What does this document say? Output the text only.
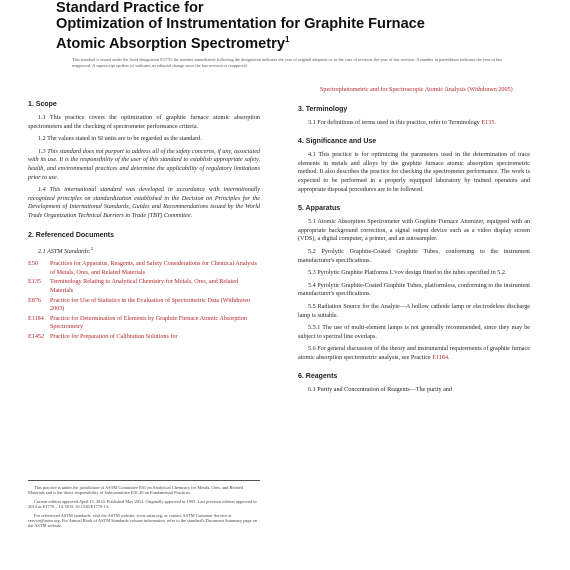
Standard Practice for
Optimization of Instrumentation for Graphite Furnace
Atomic Absorption Spectrometry$^1$
This standard is issued under the fixed designation E1770; the number immediately following the designation indicates the year of original adoption or, in the case of revision, the year of last revision. A number in parentheses indicates the year of last reapproval. A superscript epsilon (ε) indicates an editorial change since the last revision or reapproval.
1. Scope

1.1 This practice covers the optimization of graphite furnace atomic absorption spectrometers and the checking of spectrometer performance criteria.

1.2 The values stated in SI units are to be regarded as the standard.

1.3 This standard does not purport to address all of the safety concerns, if any, associated with its use. It is the responsibility of the user of this standard to establish appropriate safety, health, and environmental practices and determine the applicability of regulatory limitations prior to use.

1.4 This international standard was developed in accordance with internationally recognized principles on standardization established in the Decision on Principles for the Development of International Standards, Guides and Recommendations issued by the World Trade Organization Technical Barriers to Trade (TBT) Committee.

2. Referenced Documents

2.1 ASTM Standards:$^2$

E50	Practices for Apparatus, Reagents, and Safety Considerations for Chemical Analysis of Metals, Ores, and Related Materials
E135	Terminology Relating to Analytical Chemistry for Metals, Ores, and Related Materials
E876	Practice for Use of Statistics in the Evaluation of Spectrometric Data (Withdrawn 2003)
E1184	Practice for Determination of Elements by Graphite Furnace Atomic Absorption Spectrometry
E1452 Practice for Preparation of Calibration Solutions for
This practice is under the jurisdiction of ASTM Committee E01 on Analytical Chemistry for Metals, Ores, and Related Materials and is the direct responsibility of Subcommittee E01.20 on Fundamental Practices.
Current edition approved April 15, 2014. Published May 2014. Originally approved in 1995. Last previous edition approved in 2014 as E1770 – 14. DOI: 10.1520/E1770-14.
For referenced ASTM standards, visit the ASTM website, www.astm.org, or contact ASTM Customer Service at service@astm.org. For Annual Book of ASTM Standards volume information, refer to the standard's Document Summary page on the ASTM website.

Spectrophotometric and for Spectroscopic Atomic Analysis (Withdrawn 2005)

3. Terminology

3.1 For definitions of terms used in this practice, refer to Terminology E135.

4. Significance and Use

4.1 This practice is for optimizing the parameters used in the determination of trace elements in metals and alloys by the graphite furnace atomic absorption spectrometric method. It also describes the practice for checking the spectrometer performance. The work is expected to be performed in a properly equipped laboratory by trained operators and appropriate disposal procedures are to be followed.

5. Apparatus

5.1 Atomic Absorption Spectrometer with Graphite Furnace Atomizer, equipped with an appropriate background correction, a signal output device such as a video display screen (VDS), a digital computer, a printer, and an autosampler.

5.2 Pyrolytic Graphite-Coated Graphite Tubes, conforming to the instrument manufacturer's specifications.

5.3 Pyrolytic Graphite Platforms L'vov design fitted to the tubes specified in 5.2.

5.4 Pyrolytic Graphite-Coated Graphite Tubes, platformless, conforming to the instrument manufacturer's specifications.

5.5 Radiation Source for the Analyte—A hollow cathode lamp or electrodeless discharge lamp is suitable.

5.5.1 The use of multi-element lamps is not generally recommended, since they may be subject to spectral line overlaps.

5.6 For general discussion of the theory and instrumental requirements of graphite furnace atomic absorption spectrometric analysis, see Practice E1184.

6. Reagents

6.1 Purity and Concentration of Reagents—The purity and
